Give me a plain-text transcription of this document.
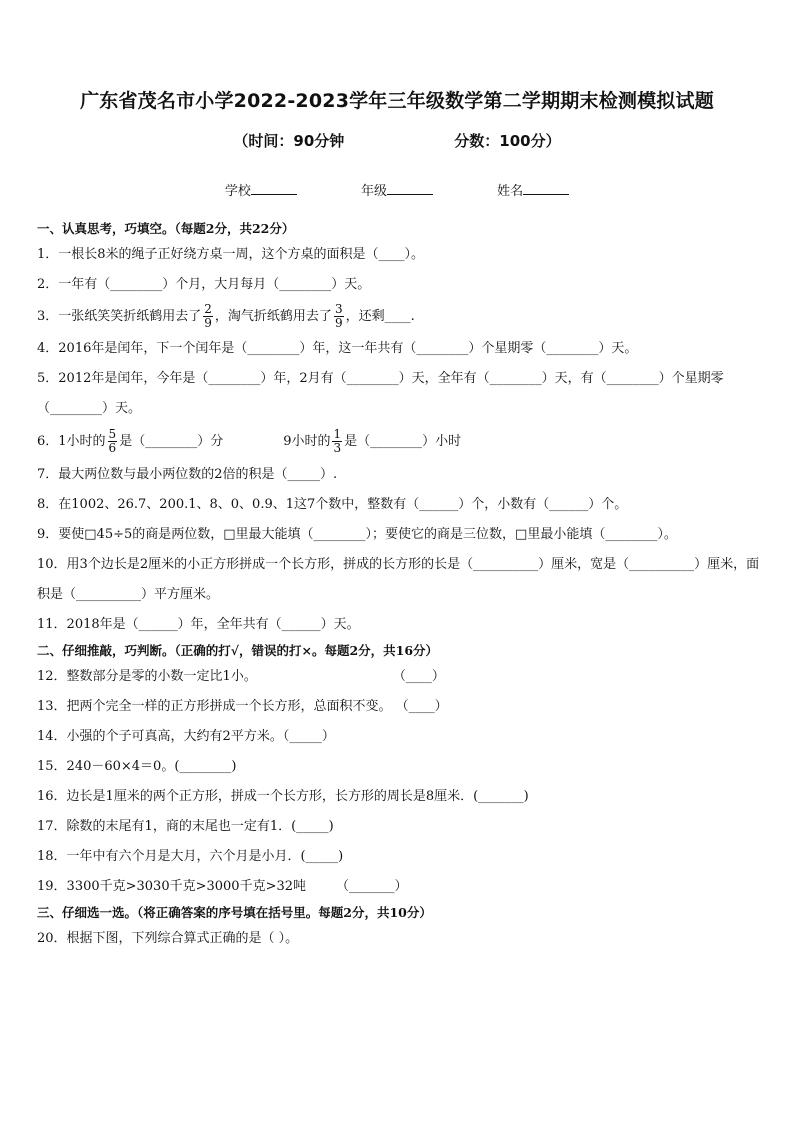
广东省茂名市小学2022-2023学年三年级数学第二学期期末检测模拟试题
（时间：90分钟	分数：100分）
学校	年级	姓名
一、认真思考，巧填空。（每题2分，共22分）
1．一根长8米的绳子正好绕方桌一周，这个方桌的面积是（____）。
2．一年有（________）个月，大月每月（________）天。
3．一张纸笑笑折纸鹤用去了 $\frac{2}{9}$ ，淘气折纸鹤用去了 $\frac{3}{9}$ ，还剩____.
4．2016年是闰年，下一个闰年是（________）年，这一年共有（________）个星期零（________）天。
5．2012年是闰年，今年是（________）年，2月有（________）天，全年有（________）天，有（________）个星期零（________）天。
6．1小时的 $\frac{5}{6}$ 是（________）分	9小时的 $\frac{1}{3}$ 是（________）小时
7．最大两位数与最小两位数的2倍的积是（_____）.
8．在1002、26.7、200.1、8、0、0.9、1这7个数中，整数有（______）个，小数有（______）个。
9．要使□45÷5的商是两位数，□里最大能填（________）；要使它的商是三位数，□里最小能填（________）。
10．用3个边长是2厘米的小正方形拼成一个长方形，拼成的长方形的长是（__________）厘米，宽是（__________）厘米，面积是（__________）平方厘米。
11．2018年是（______）年，全年共有（______）天。
二、仔细推敲，巧判断。（正确的打√，错误的打×。每题2分，共16分）
12．整数部分是零的小数一定比1小。	（____）
13．把两个完全一样的正方形拼成一个长方形，总面积不变。 （____）
14．小强的个子可真高，大约有2平方米。（_____）
15．240－60×4＝0。(________)
16．边长是1厘米的两个正方形，拼成一个长方形，长方形的周长是8厘米．(_______)
17．除数的末尾有1，商的末尾也一定有1．(_____)
18．一年中有六个月是大月，六个月是小月．(_____)
19．3300千克>3030千克>3000千克>32吨 （_______）
三、仔细选一选。（将正确答案的序号填在括号里。每题2分，共10分）
20．根据下图，下列综合算式正确的是（ ）。
